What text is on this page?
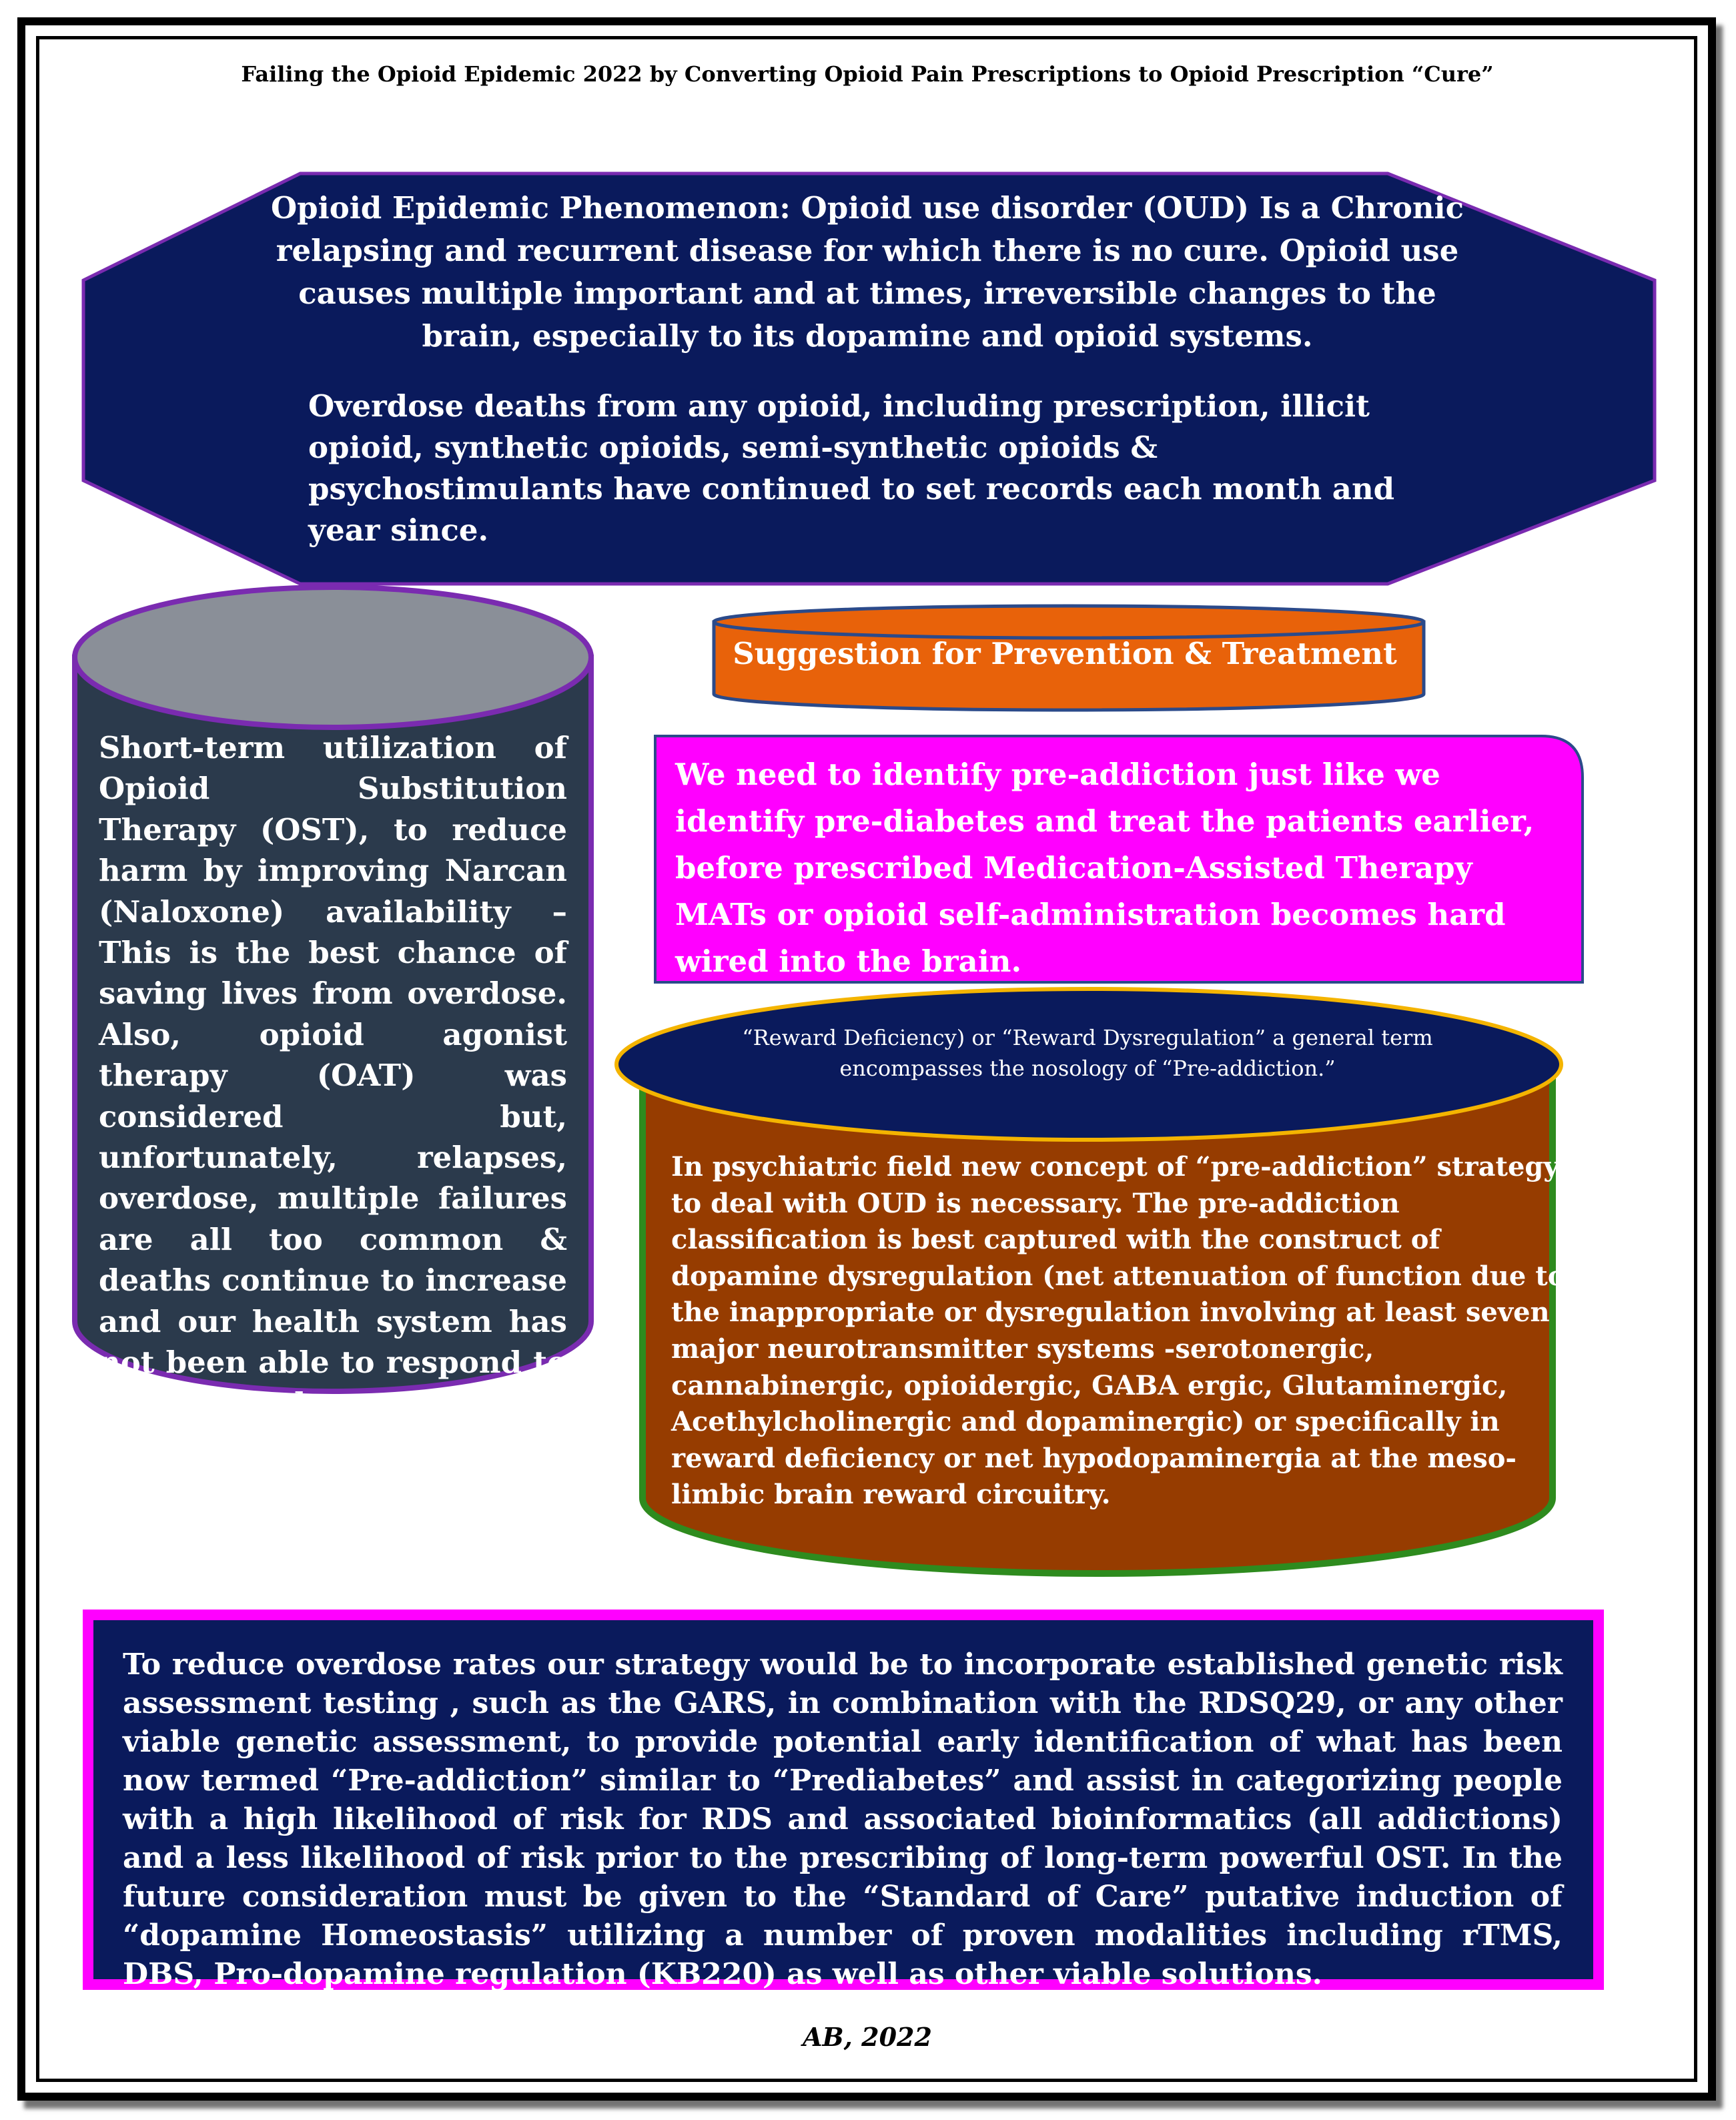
Failing the Opioid Epidemic 2022 by Converting Opioid Pain Prescriptions to Opioid Prescription “Cure”
Opioid Epidemic Phenomenon: Opioid use disorder (OUD) Is a Chronic relapsing and recurrent disease for which there is no cure. Opioid use causes multiple important and at times, irreversible changes to the brain, especially to its dopamine and opioid systems.
Overdose deaths from any opioid, including prescription, illicit opioid, synthetic opioids, semi-synthetic opioids & psychostimulants have continued to set records each month and year since.
Short-term utilization of Opioid Substitution Therapy (OST), to reduce harm by improving Narcan (Naloxone) availability – This is the best chance of saving lives from overdose. Also, opioid agonist therapy (OAT) was considered but, unfortunately, relapses, overdose, multiple failures are all too common & deaths continue to increase and our health system has not been able to respond to the crisis adequately.
Suggestion for Prevention & Treatment
We need to identify pre-addiction just like we identify pre-diabetes and treat the patients earlier, before prescribed Medication-Assisted Therapy MATs or opioid self-administration becomes hard wired into the brain.
“Reward Deficiency) or “Reward Dysregulation” a general term encompasses the nosology of “Pre-addiction.”
In psychiatric field new concept of “pre-addiction” strategy to deal with OUD is necessary. The pre-addiction classification is best captured with the construct of dopamine dysregulation (net attenuation of function due to the inappropriate or dysregulation involving at least seven major neurotransmitter systems -serotonergic, cannabinergic, opioidergic, GABA ergic, Glutaminergic, Acethylcholinergic and dopaminergic) or specifically in reward deficiency or net hypodopaminergia at the meso-limbic brain reward circuitry.
To reduce overdose rates our strategy would be to incorporate established genetic risk assessment testing , such as the GARS, in combination with the RDSQ29, or any other viable genetic assessment, to provide potential early identification of what has been now termed “Pre-addiction” similar to “Prediabetes” and assist in categorizing people with a high likelihood of risk for RDS and associated bioinformatics (all addictions) and a less likelihood of risk prior to the prescribing of long-term powerful OST. In the future consideration must be given to the “Standard of Care” putative induction of “dopamine Homeostasis” utilizing a number of proven modalities including rTMS, DBS, Pro-dopamine regulation (KB220) as well as other viable solutions.
AB, 2022
